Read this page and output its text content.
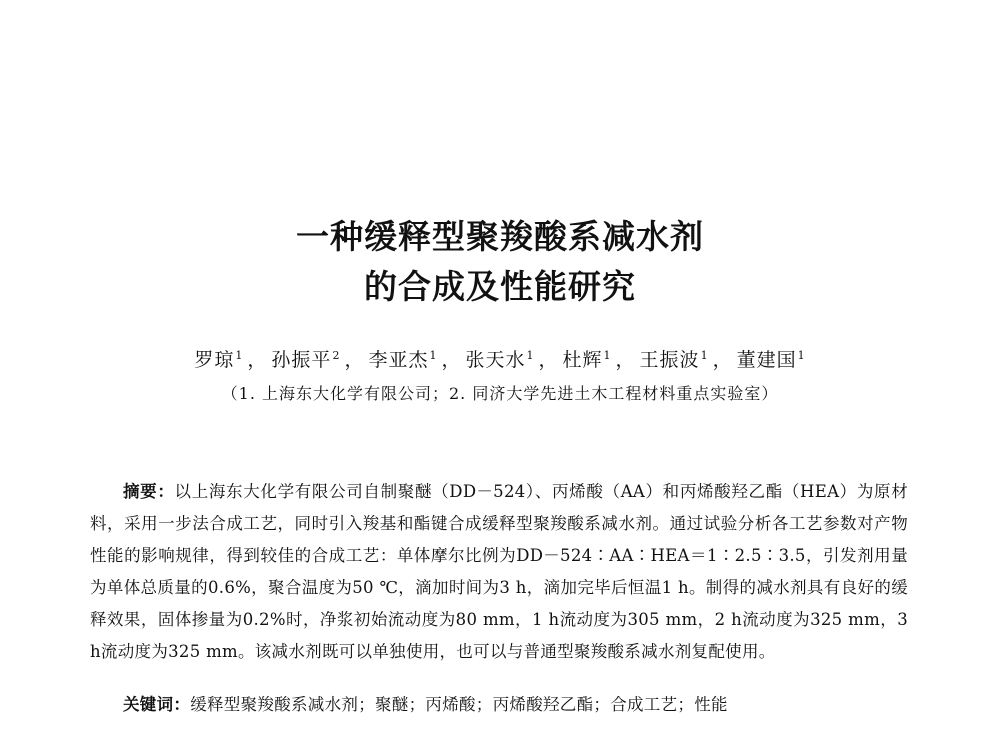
一种缓释型聚羧酸系减水剂
的合成及性能研究
罗琼$^1$ ， 孙振平$^2$ ， 李亚杰$^1$ ， 张天水$^1$ ， 杜辉$^1$ ， 王振波$^1$ ， 董建国$^1$
（1. 上海东大化学有限公司；2. 同济大学先进土木工程材料重点实验室）
摘要：以上海东大化学有限公司自制聚醚（DD－524）、丙烯酸（AA）和丙烯酸羟乙酯（HEA）为原材料，采用一步法合成工艺，同时引入羧基和酯键合成缓释型聚羧酸系减水剂。通过试验分析各工艺参数对产物性能的影响规律，得到较佳的合成工艺：单体摩尔比例为DD－524∶AA∶HEA＝1∶2.5∶3.5，引发剂用量为单体总质量的0.6%，聚合温度为50 ℃，滴加时间为3 h，滴加完毕后恒温1 h。制得的减水剂具有良好的缓释效果，固体掺量为0.2%时，净浆初始流动度为80 mm，1 h流动度为305 mm，2 h流动度为325 mm，3 h流动度为325 mm。该减水剂既可以单独使用，也可以与普通型聚羧酸系减水剂复配使用。
关键词：缓释型聚羧酸系减水剂；聚醚；丙烯酸；丙烯酸羟乙酯；合成工艺；性能
